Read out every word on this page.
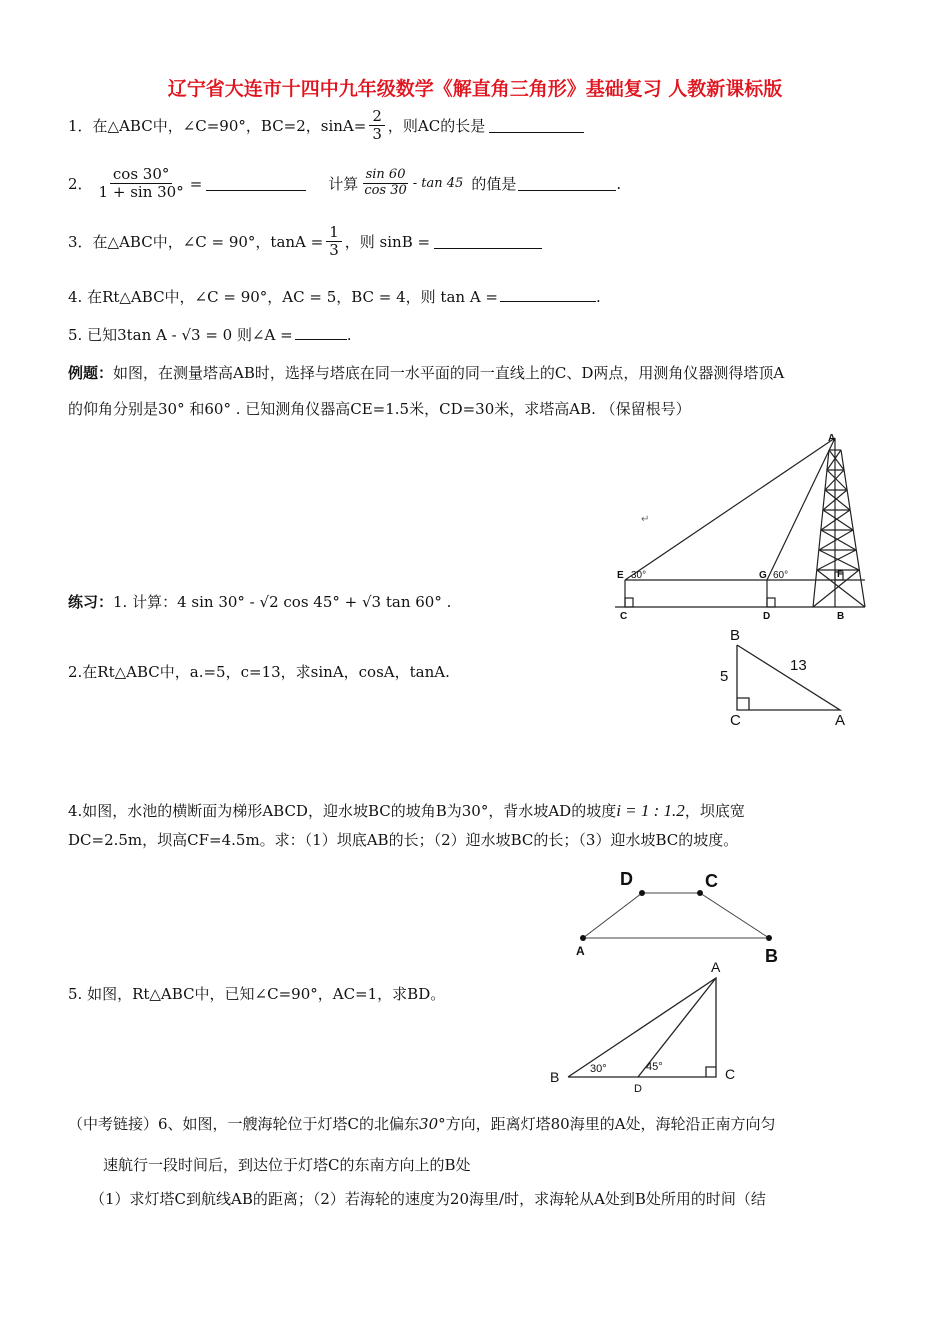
辽宁省大连市十四中九年级数学《解直角三角形》基础复习 人教新课标版
1．在△ABC中，∠C=90°，BC=2，$\sin A= \frac{2}{3}$ ，则AC的长是
2． $\frac{\cos 30^\circ}{1 + \sin 30^\circ}$ =	计算 $\frac{\sin 60}{\cos 30}$ - tan 45 的值是	.
3．在△ABC中，∠C = 90°，$\tan A = \frac{1}{3}$ ，则 sinB =
4. 在Rt△ABC中，∠C = 90°，AC = 5，BC = 4，则 tan A =	.
5. 已知3tan A - √3 = 0 则∠A =	.
例题：如图，在测量塔高AB时，选择与塔底在同一水平面的同一直线上的C、D两点，用测角仪器测得塔顶A
的仰角分别是30° 和60° . 已知测角仪器高CE=1.5米，CD=30米，求塔高AB. （保留根号）
练习：1. 计算：4 sin 30° - √2 cos 45° + √3 tan 60° .
2.在Rt△ABC中，a.=5，c=13，求sinA，cosA，tanA.
4.如图，水池的横断面为梯形ABCD，迎水坡BC的坡角B为30°，背水坡AD的坡度i = 1 : 1.2，坝底宽
DC=2.5m，坝高CF=4.5m。求：（1）坝底AB的长；（2）迎水坡BC的长；（3）迎水坡BC的坡度。
5. 如图，Rt△ABC中，已知∠C=90°，AC=1，求BD。
（中考链接）6、如图，一艘海轮位于灯塔C的北偏东30°方向，距离灯塔80海里的A处，海轮沿正南方向匀
速航行一段时间后，到达位于灯塔C的东南方向上的B处
（1）求灯塔C到航线AB的距离；（2）若海轮的速度为20海里/时，求海轮从A处到B处所用的时间（结
A
E 30°	G 60°	F
C	D	B
↵
B
5
13
C	A
D	C
A	B
A
B	C
D
30°	45°
